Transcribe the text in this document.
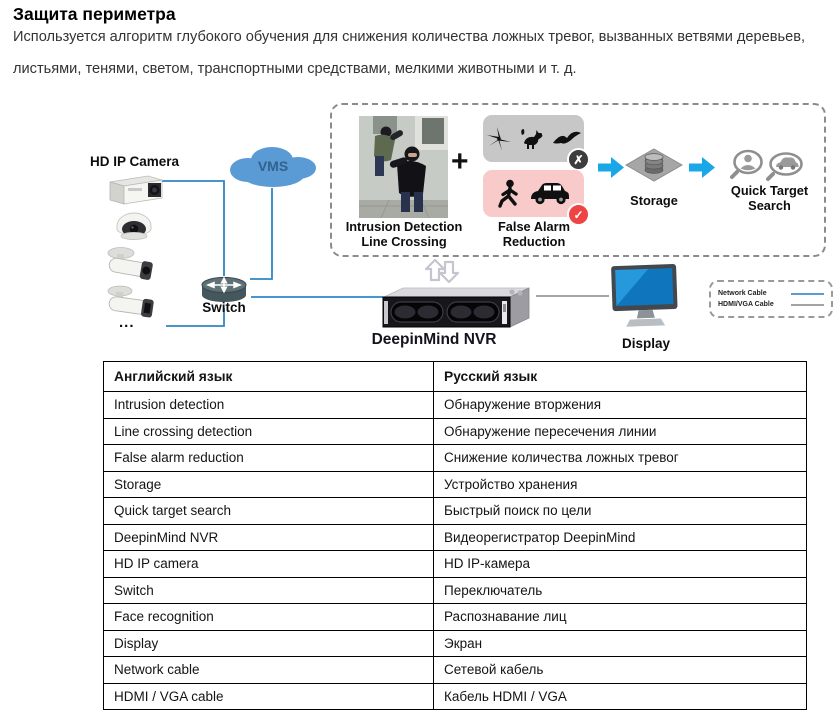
Защита периметра
Используется алгоритм глубокого обучения для снижения количества ложных тревог, вызванных ветвями деревьев,
листьями, тенями, светом, транспортными средствами, мелкими животными и т. д.
HD IP Camera
...
VMS
Switch
Intrusion Detection
Line Crossing
+	✗
✓
False Alarm
Reduction
Storage
Quick Target
Search
DeepinMind NVR	Display
Network Cable
HDMI/VGA Cable
Английский язык	Русский язык
Intrusion detection	Обнаружение вторжения
Line crossing detection	Обнаружение пересечения линии
False alarm reduction	Снижение количества ложных тревог
Storage	Устройство хранения
Quick target search	Быстрый поиск по цели
DeepinMind NVR	Видеорегистратор DeepinMind
HD IP camera	HD IP-камера
Switch	Переключатель
Face recognition	Распознавание лиц
Display	Экран
Network cable	Сетевой кабель
HDMI / VGA cable	Кабель HDMI / VGA
